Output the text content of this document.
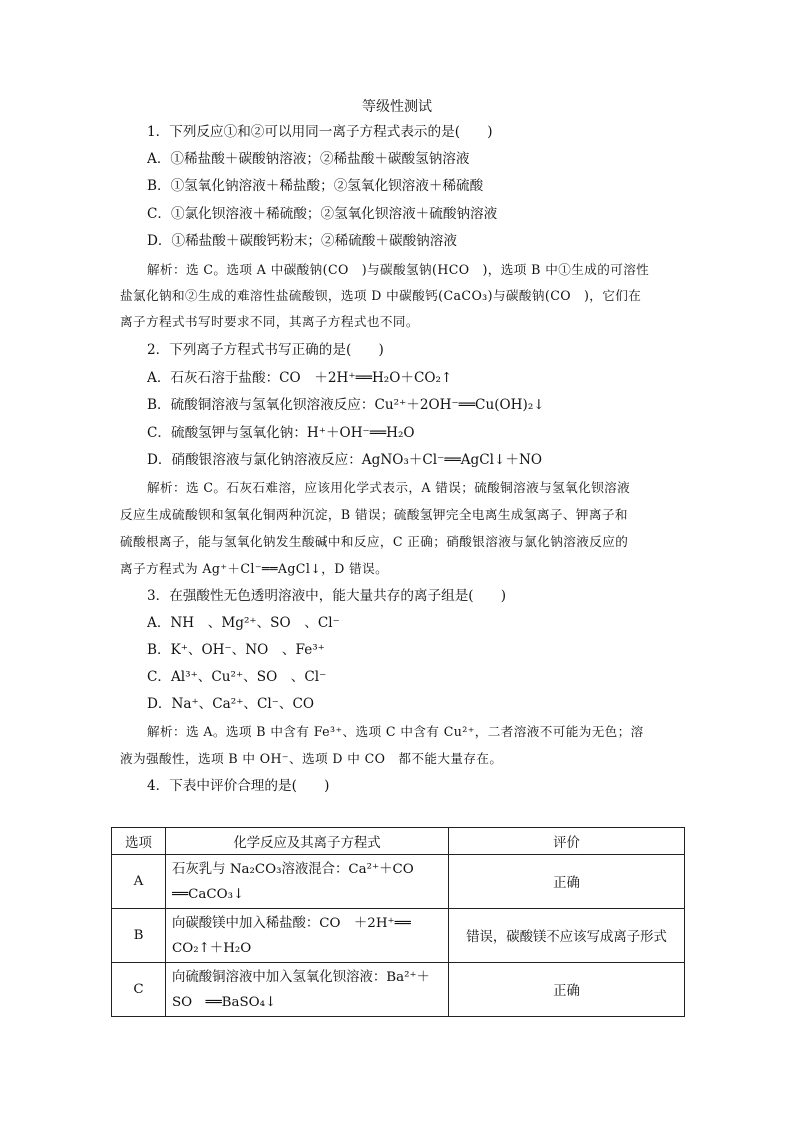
等级性测试
1．下列反应①和②可以用同一离子方程式表示的是(　　)
A．①稀盐酸＋碳酸钠溶液；②稀盐酸＋碳酸氢钠溶液
B．①氢氧化钠溶液＋稀盐酸；②氢氧化钡溶液＋稀硫酸
C．①氯化钡溶液＋稀硫酸；②氢氧化钡溶液＋硫酸钠溶液
D．①稀盐酸＋碳酸钙粉末；②稀硫酸＋碳酸钠溶液
解析：选 C。选项 A 中碳酸钠(CO　)与碳酸氢钠(HCO　)，选项 B 中①生成的可溶性
盐氯化钠和②生成的难溶性盐硫酸钡，选项 D 中碳酸钙(CaCO₃)与碳酸钠(CO　)，它们在
离子方程式书写时要求不同，其离子方程式也不同。
2．下列离子方程式书写正确的是(　　)
A．石灰石溶于盐酸：CO　＋2H⁺══H₂O＋CO₂↑
B．硫酸铜溶液与氢氧化钡溶液反应：Cu²⁺＋2OH⁻══Cu(OH)₂↓
C．硫酸氢钾与氢氧化钠：H⁺＋OH⁻══H₂O
D．硝酸银溶液与氯化钠溶液反应：AgNO₃＋Cl⁻══AgCl↓＋NO
解析：选 C。石灰石难溶，应该用化学式表示，A 错误；硫酸铜溶液与氢氧化钡溶液
反应生成硫酸钡和氢氧化铜两种沉淀，B 错误；硫酸氢钾完全电离生成氢离子、钾离子和
硫酸根离子，能与氢氧化钠发生酸碱中和反应，C 正确；硝酸银溶液与氯化钠溶液反应的
离子方程式为 Ag⁺＋Cl⁻══AgCl↓，D 错误。
3．在强酸性无色透明溶液中，能大量共存的离子组是(　　)
A．NH　、Mg²⁺、SO　、Cl⁻
B．K⁺、OH⁻、NO　、Fe³⁺
C．Al³⁺、Cu²⁺、SO　、Cl⁻
D．Na⁺、Ca²⁺、Cl⁻、CO
解析：选 A。选项 B 中含有 Fe³⁺、选项 C 中含有 Cu²⁺，二者溶液不可能为无色；溶
液为强酸性，选项 B 中 OH⁻、选项 D 中 CO　都不能大量存在。
4．下表中评价合理的是(　　)
选项	化学反应及其离子方程式	评价
A	石灰乳与 Na₂CO₃溶液混合：Ca²⁺＋CO
══CaCO₃↓	正确
B	向碳酸镁中加入稀盐酸：CO　＋2H⁺══
CO₂↑＋H₂O	错误，碳酸镁不应该写成离子形式
C	向硫酸铜溶液中加入氢氧化钡溶液：Ba²⁺＋
SO　══BaSO₄↓	正确
